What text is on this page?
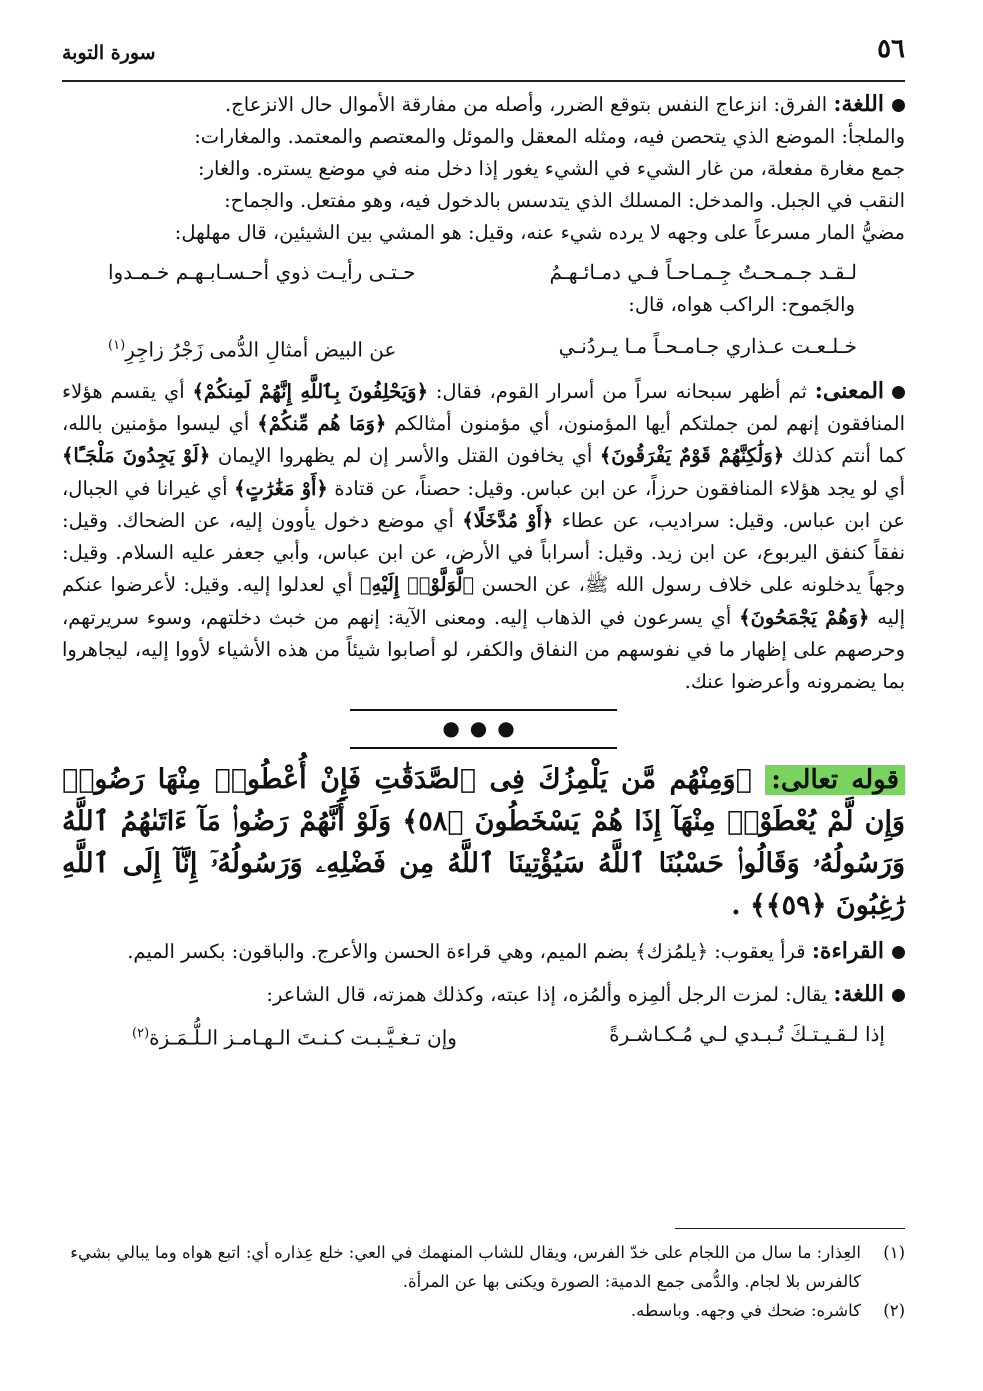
٥٦
سورة التوبة

اللغة: الفرق: انزعاج النفس بتوقع الضرر، وأصله من مفارقة الأموال حال الانزعاج.

والملجأ: الموضع الذي يتحصن فيه، ومثله المعقل والموئل والمعتصم والمعتمد. والمغارات:

جمع مغارة مفعلة، من غار الشيء في الشيء يغور إذا دخل منه في موضع يستره. والغار:

النقب في الجبل. والمدخل: المسلك الذي يتدسس بالدخول فيه، وهو مفتعل. والجماح:

مضيُّ المار مسرعاً على وجهه لا يرده شيء عنه، وقيل: هو المشي بين الشيئين، قال مهلهل:

لـقـد جـمـحـتُ جِـمـاحـاً فـي دمـائـهـمُ
حـتـى رأيـت ذوي أحـسـابـهـم خـمـدوا

والجَموح: الراكب هواه، قال:

خـلـعـت عـذاري جـامـحـاً مـا يـردُنـي
عن البيض أمثالِ الدُّمى زَجْرُ زاجِرِ$^{(١)}$

المعنى: ثم أظهر سبحانه سراً من أسرار القوم، فقال: ﴿وَيَحْلِفُونَ بِٱللَّهِ إِنَّهُمْ لَمِنكُمْ﴾ أي يقسم هؤلاء المنافقون إنهم لمن جملتكم أيها المؤمنون، أي مؤمنون أمثالكم ﴿وَمَا هُم مِّنكُمْ﴾ أي ليسوا مؤمنين بالله، كما أنتم كذلك ﴿وَلَٰكِنَّهُمْ قَوْمٌ يَفْرَقُونَ﴾ أي يخافون القتل والأسر إن لم يظهروا الإيمان ﴿لَوْ يَجِدُونَ مَلْجَـًٔا﴾ أي لو يجد هؤلاء المنافقون حرزاً، عن ابن عباس. وقيل: حصناً، عن قتادة ﴿أَوْ مَغَٰرَٰتٍ﴾ أي غيرانا في الجبال، عن ابن عباس. وقيل: سراديب، عن عطاء ﴿أَوْ مُدَّخَلًا﴾ أي موضع دخول يأوون إليه، عن الضحاك. وقيل: نفقاً كنفق اليربوع، عن ابن زيد. وقيل: أسراباً في الأرض، عن ابن عباس، وأبي جعفر عليه السلام. وقيل: وجهاً يدخلونه على خلاف رسول الله ﷺ، عن الحسن ﴿لَّوَلَّوْا۟ إِلَيْهِ﴾ أي لعدلوا إليه. وقيل: لأعرضوا عنكم إليه ﴿وَهُمْ يَجْمَحُونَ﴾ أي يسرعون في الذهاب إليه. ومعنى الآية: إنهم من خبث دخلتهم، وسوء سريرتهم، وحرصهم على إظهار ما في نفوسهم من النفاق والكفر، لو أصابوا شيئاً من هذه الأشياء لأووا إليه، ليجاهروا بما يضمرونه وأعرضوا عنك.

●●●

قوله تعالى: ﴿وَمِنْهُم مَّن يَلْمِزُكَ فِى ٱلصَّدَقَٰتِ فَإِنْ أُعْطُوا۟ مِنْهَا رَضُوا۟ وَإِن لَّمْ يُعْطَوْا۟ مِنْهَآ إِذَا هُمْ يَسْخَطُونَ ﴿٥٨﴾ وَلَوْ أَنَّهُمْ رَضُوا۟ مَآ ءَاتَىٰهُمُ ٱللَّهُ وَرَسُولُهُۥ وَقَالُوا۟ حَسْبُنَا ٱللَّهُ سَيُؤْتِينَا ٱللَّهُ مِن فَضْلِهِۦ وَرَسُولُهُۥٓ إِنَّآ إِلَى ٱللَّهِ رَٰغِبُونَ ﴿٥٩﴾﴾ .

القراءة: قرأ يعقوب: ﴿يلمُزك﴾ بضم الميم، وهي قراءة الحسن والأعرج. والباقون: بكسر الميم.

اللغة: يقال: لمزت الرجل ألمِزه وألمُزه، إذا عبته، وكذلك همزته، قال الشاعر:

إذا لـقـيـتـكَ تُـبـدي لـي مُـكـاشـرةً
وإن تـغـيَّـبـت كـنـتَ الـهـامـز الـلُّـمَـزة$^{(٢)}$
(١)
العِذار: ما سال من اللجام على خدّ الفرس، ويقال للشاب المنهمك في العي: خلع عِذاره أي: اتبع هواه وما يبالي بشيء كالفرس بلا لجام. والدُّمى جمع الدمية: الصورة ويكنى بها عن المرأة.
(٢)
كاشره: ضحك في وجهه. وباسطه.
